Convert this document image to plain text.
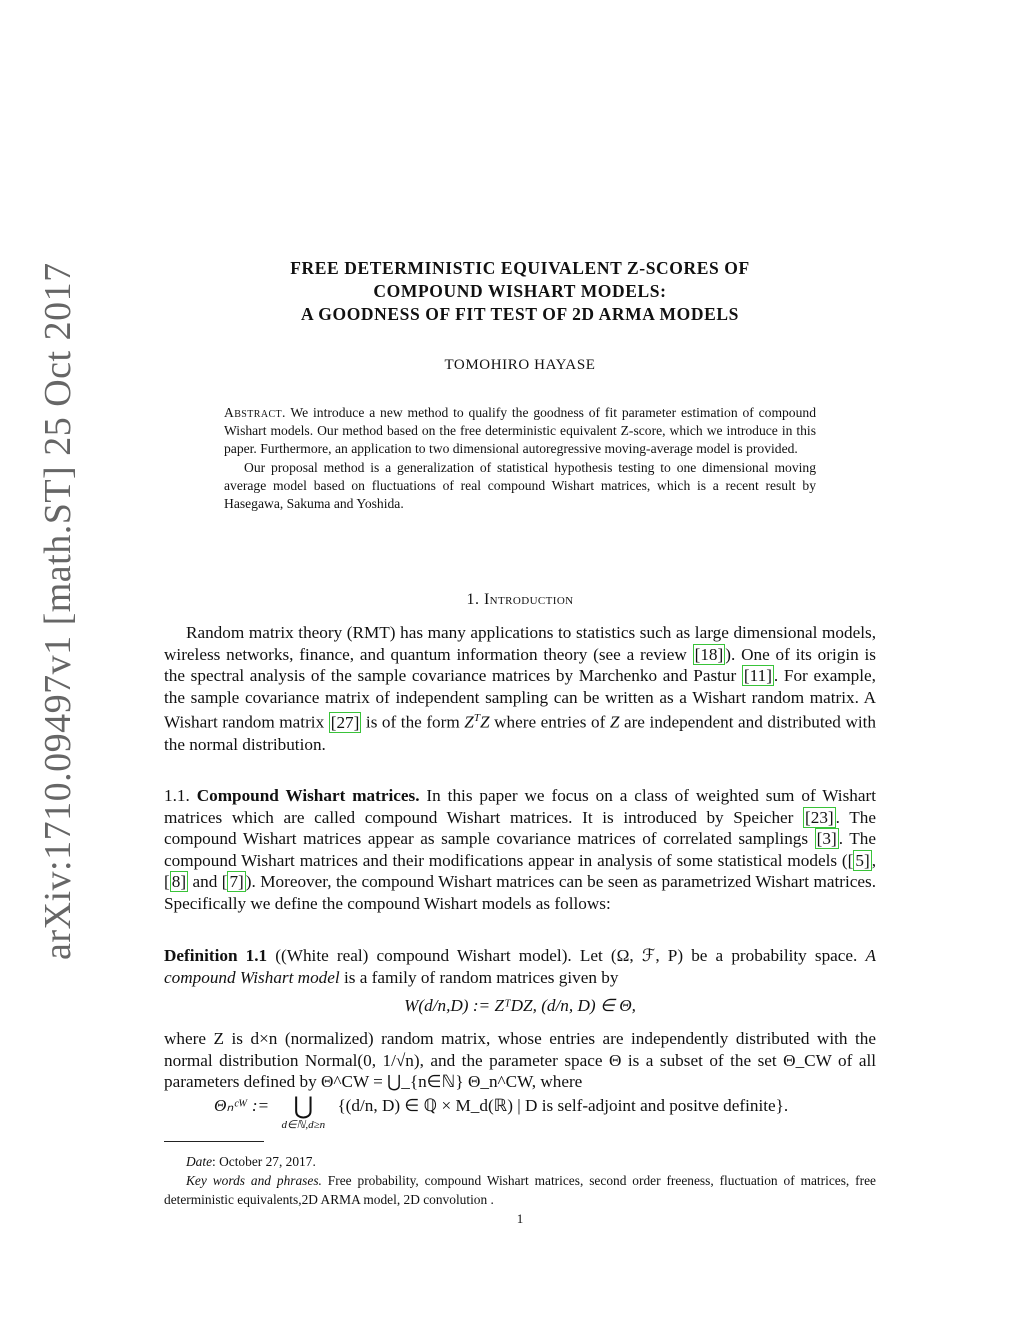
arXiv:1710.09497v1 [math.ST] 25 Oct 2017	FREE DETERMINISTIC EQUIVALENT Z-SCORES OF
COMPOUND WISHART MODELS:
A GOODNESS OF FIT TEST OF 2D ARMA MODELS
TOMOHIRO HAYASE

Abstract. We introduce a new method to qualify the goodness of fit parameter estimation of compound Wishart models. Our method based on the free deterministic equivalent Z-score, which we introduce in this paper. Furthermore, an application to two dimensional autoregressive moving-average model is provided.

Our proposal method is a generalization of statistical hypothesis testing to one dimensional moving average model based on fluctuations of real compound Wishart matrices, which is a recent result by Hasegawa, Sakuma and Yoshida.

1. Introduction

Random matrix theory (RMT) has many applications to statistics such as large dimensional models, wireless networks, finance, and quantum information theory (see a review [18] ). One of its origin is the spectral analysis of the sample covariance matrices by Marchenko and Pastur [11] . For example, the sample covariance matrix of independent sampling can be written as a Wishart random matrix. A Wishart random matrix [27] is of the form $Z^TZ$ where entries of Z are independent and distributed with the normal distribution.

1.1. Compound Wishart matrices. In this paper we focus on a class of weighted sum of Wishart matrices which are called compound Wishart matrices. It is introduced by Speicher [23] . The compound Wishart matrices appear as sample covariance matrices of correlated samplings [3] . The compound Wishart matrices and their modifications appear in analysis of some statistical models ([ 5] , [ 8] and [ 7] ). Moreover, the compound Wishart matrices can be seen as parametrized Wishart matrices. Specifically we define the compound Wishart models as follows:

Definition 1.1 ((White real) compound Wishart model). Let (Ω, ℱ, P) be a probability space. A compound Wishart model is a family of random matrices given by

W(d/n,D) := ZᵀDZ, (d/n, D) ∈ Θ,

where Z is d×n (normalized) random matrix, whose entries are independently distributed with the normal distribution Normal(0, 1/√n), and the parameter space Θ is a subset of the set Θ_CW of all parameters defined by Θ^CW = ⋃_{n∈ℕ} Θ_n^CW, where

Θₙᶜᵂ :=	⋃
d∈ℕ,d≥n
{(d/n, D) ∈ ℚ × M_d(ℝ) | D is self-adjoint and positve definite}.

Date: October 27, 2017.

Key words and phrases. Free probability, compound Wishart matrices, second order freeness, fluctuation of matrices, free deterministic equivalents,2D ARMA model, 2D convolution .

1
